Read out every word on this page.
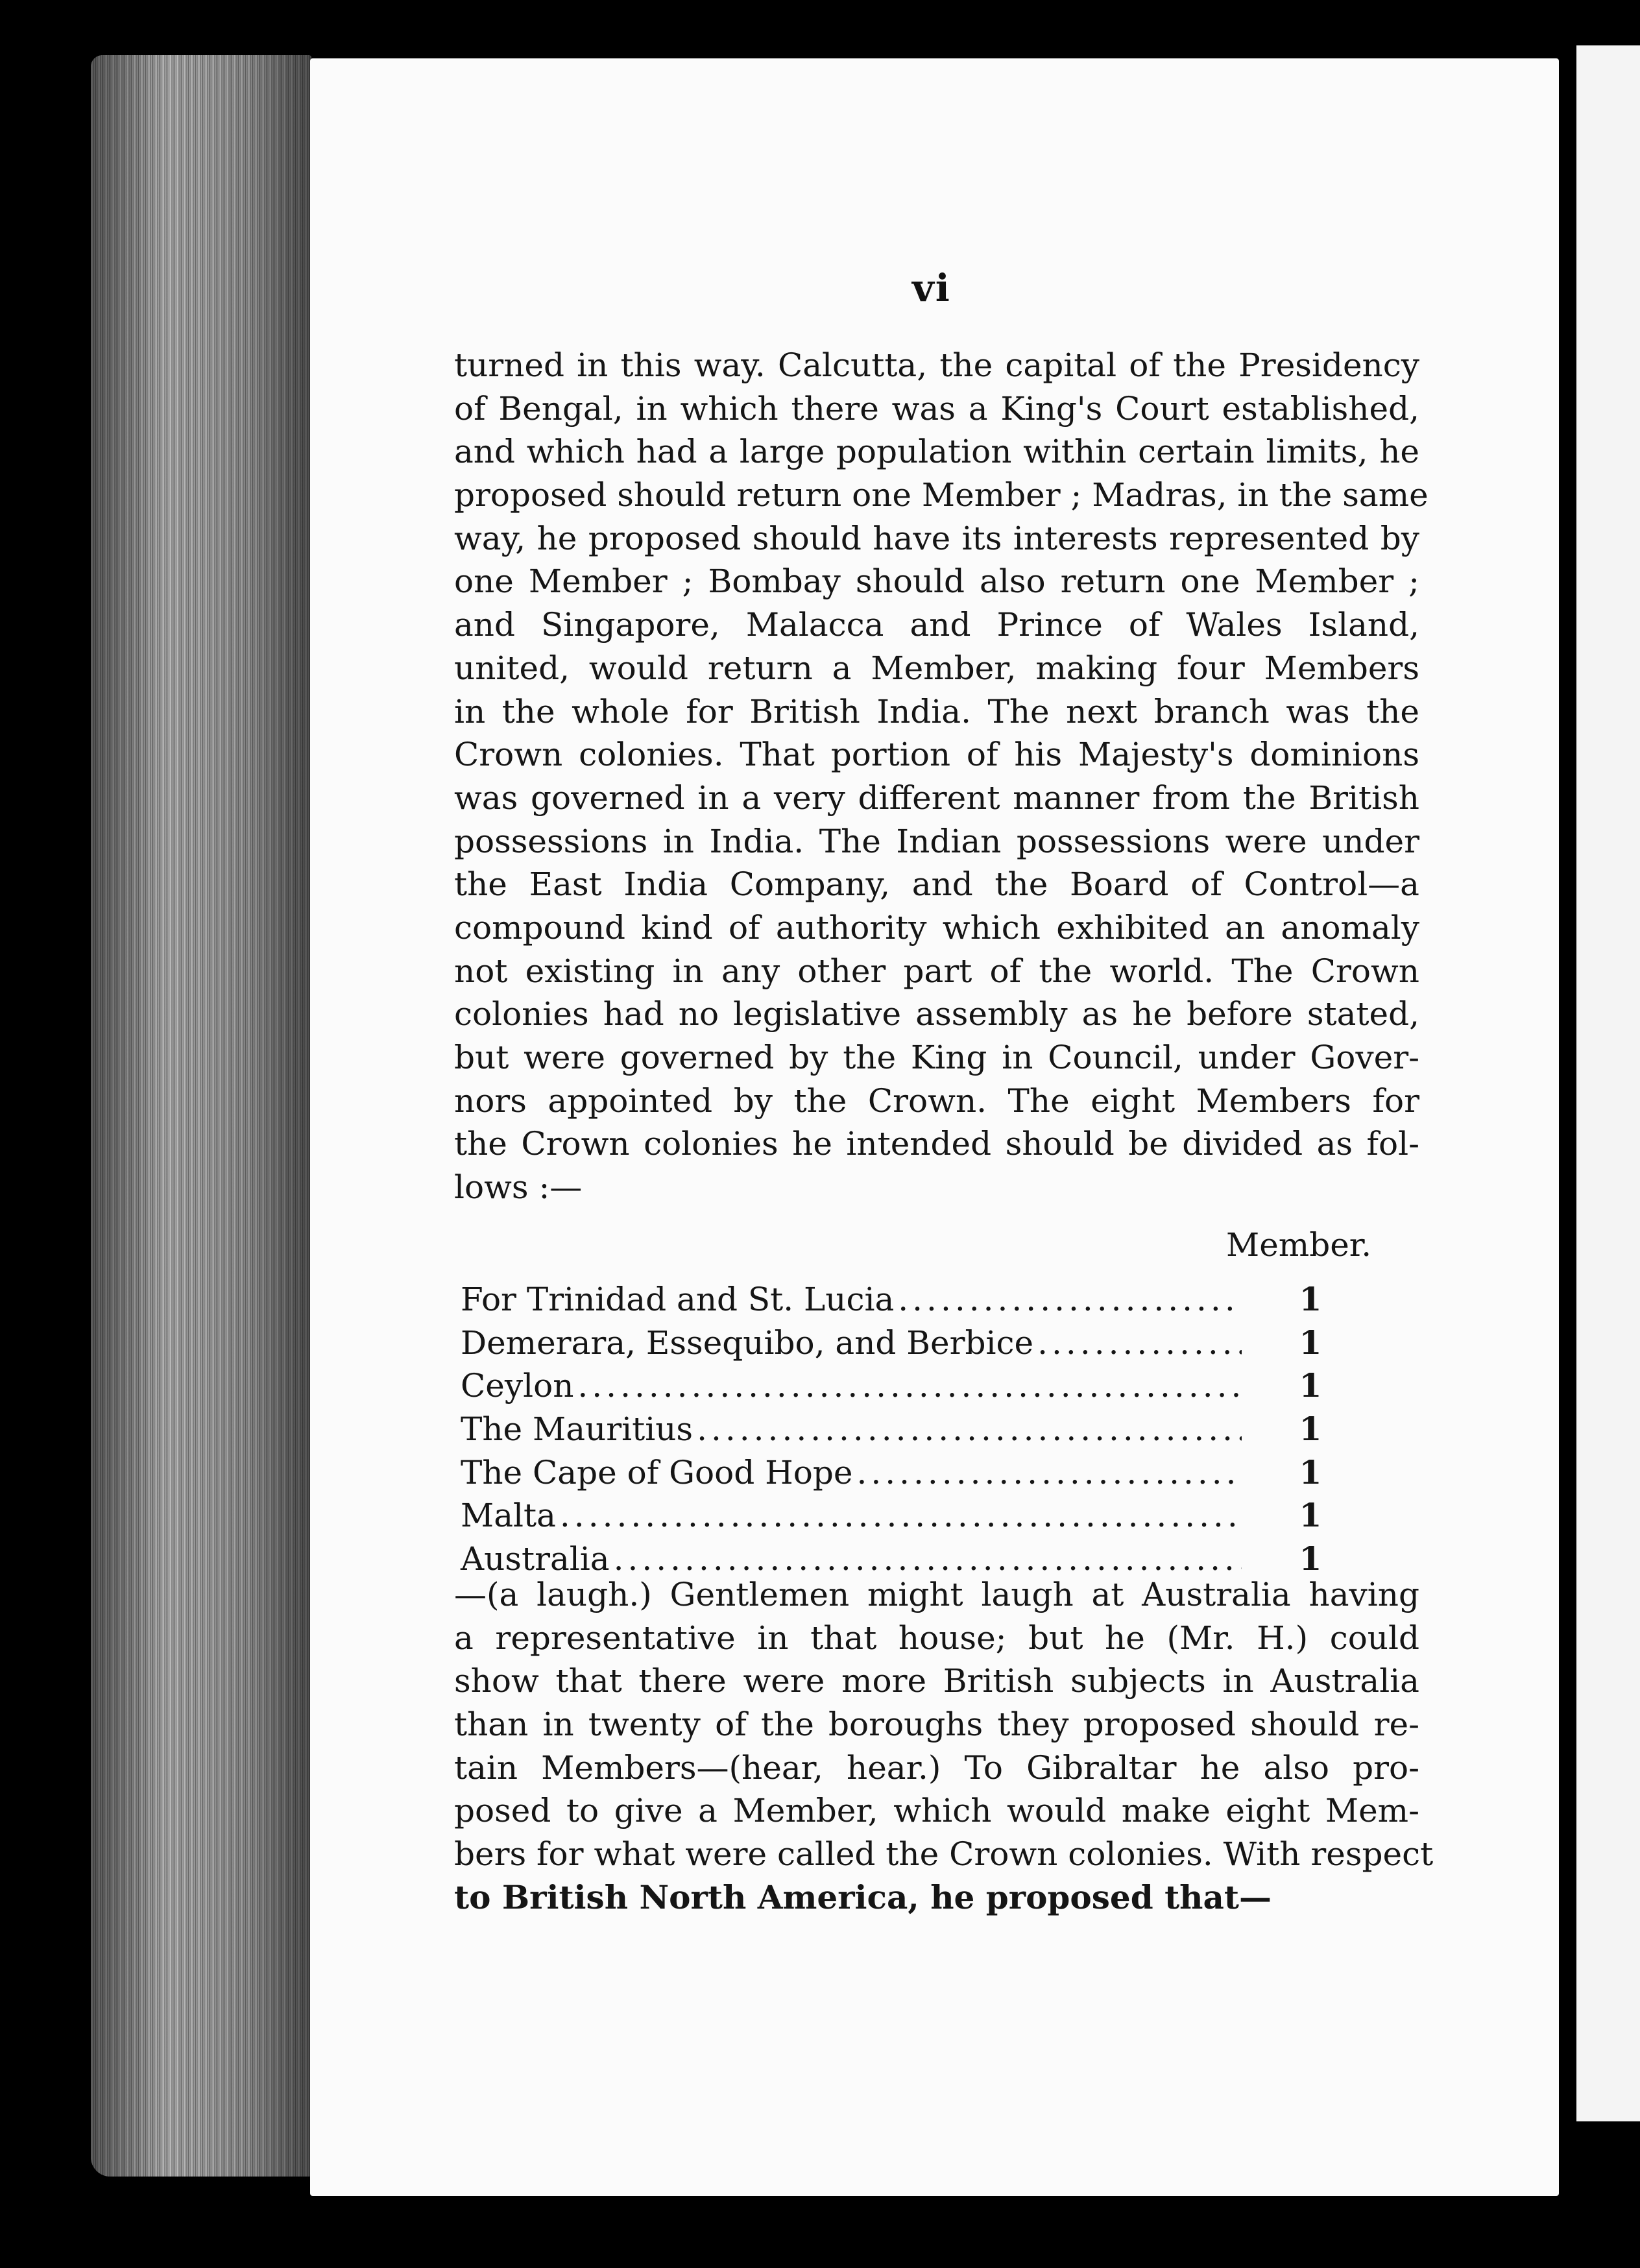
vi
turned in this way. Calcutta, the capital of the Presidency
of Bengal, in which there was a King's Court established,
and which had a large population within certain limits, he
proposed should return one Member ; Madras, in the same
way, he proposed should have its interests represented by
one Member ; Bombay should also return one Member ;
and Singapore, Malacca and Prince of Wales Island,
united, would return a Member, making four Members
in the whole for British India. The next branch was the
Crown colonies. That portion of his Majesty's dominions
was governed in a very different manner from the British
possessions in India. The Indian possessions were under
the East India Company, and the Board of Control—a
compound kind of authority which exhibited an anomaly
not existing in any other part of the world. The Crown
colonies had no legislative assembly as he before stated,
but were governed by the King in Council, under Gover-
nors appointed by the Crown. The eight Members for
the Crown colonies he intended should be divided as fol-
lows :—
Member.
For Trinidad and St. Lucia .....	1
Demerara, Essequibo, and Berbice .....	1
Ceylon .....	1
The Mauritius .....	1
The Cape of Good Hope .....	1
Malta .....	1
Australia .....	1
—(a laugh.) Gentlemen might laugh at Australia having
a representative in that house; but he (Mr. H.) could
show that there were more British subjects in Australia
than in twenty of the boroughs they proposed should re-
tain Members—(hear, hear.) To Gibraltar he also pro-
posed to give a Member, which would make eight Mem-
bers for what were called the Crown colonies. With respect
to British North America, he proposed that—
